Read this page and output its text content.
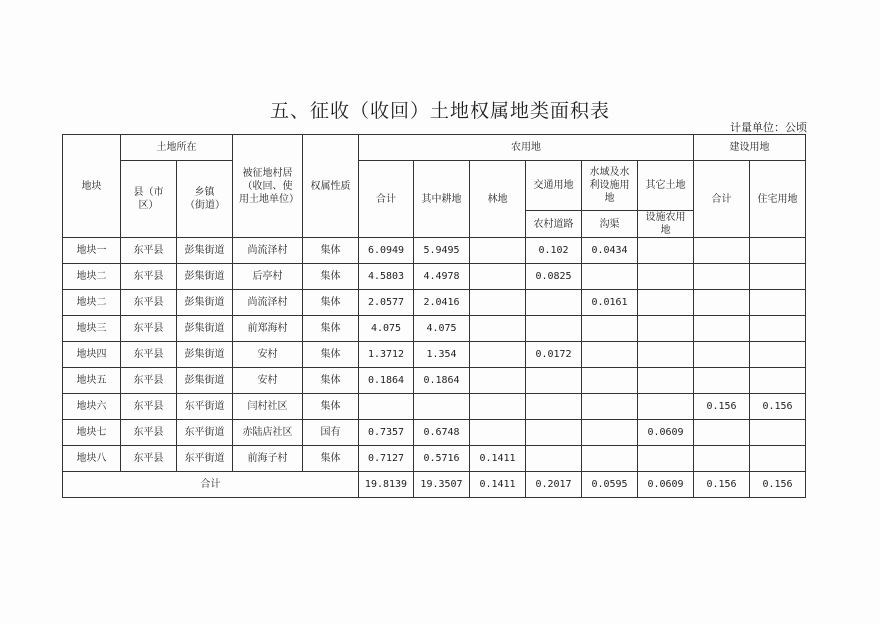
五、征收（收回）土地权属地类面积表
计量单位：公顷
地块	土地所在		被征地村居（收回、使用土地单位）	权属性质	农用地						建设用地	
	县（市区）	乡镇（街道）			合计	其中耕地	林地	交通用地	水域及水利设施用地	其它土地	合计	住宅用地
								农村道路	沟渠	设施农用地		
地块一	东平县	彭集街道	尚流泽村	集体	6.0949	5.9495		0.102	0.0434			
地块二	东平县	彭集街道	后亭村	集体	4.5803	4.4978		0.0825				
地块二	东平县	彭集街道	尚流泽村	集体	2.0577	2.0416			0.0161			
地块三	东平县	彭集街道	前郑海村	集体	4.075	4.075						
地块四	东平县	彭集街道	安村	集体	1.3712	1.354		0.0172				
地块五	东平县	彭集街道	安村	集体	0.1864	0.1864						
地块六	东平县	东平街道	闫村社区	集体							0.156	0.156
地块七	东平县	东平街道	赤陆店社区	国有	0.7357	0.6748				0.0609		
地块八	东平县	东平街道	前海子村	集体	0.7127	0.5716	0.1411					
合计					19.8139	19.3507	0.1411	0.2017	0.0595	0.0609	0.156	0.156
